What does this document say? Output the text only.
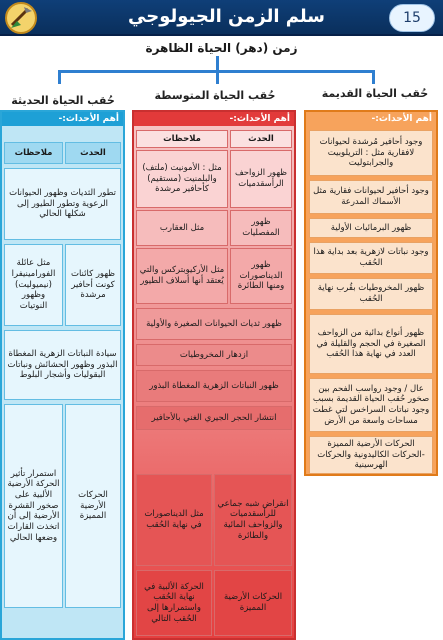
سلم الزمن الجيولوجي	15
زمن (دهر) الحياة الظاهرة
حُقب الحياة القديمة
حُقب الحياة المتوسطة
حُقب الحياة الحديثة
أهم الأحداث:-
وجود أحافير مُرشدة لحيوانات لافقارية مثل : التريلوبيت والجرابتوليت
وجود أحافير لحيوانات فقارية مثل الأسماك المدرعة
ظهور البرمائيات الأولية
وجود نباتات لازهرية بعد بداية هذا الحُقب
ظهور المخروطيات بقُرب نهاية الحُقب
ظهور أنواع بدائية من الزواحف الصغيرة في الحجم والقليلة في العدد في نهاية هذا الحُقب
عال / وجود رواسب الفحم بين صخور حُقب الحياة القديمة بسبب وجود نباتات السراخس لتي غطت مساحات واسعة من الأرض
الحركات الأرضية المميزة -الحركات الكاليدونية والحركات الهرسينية
أهم الأحداث:-
الحدث
ملاحظات
ظهور الزواحف الرأسقدميات
مثل : الأمونيت (ملتف) والبلمنيت (مستقيم) كأحافير مرشدة
ظهور المفصليات
مثل العقارب
ظهور الديناصورات ومنها الطائرة
مثل الأركيوبتركس والتي يُعتقد أنها أسلاف الطيور
ظهور ثديات الحيوانات الصغيرة والأولية
ازدهار المخروطيات
ظهور النباتات الزهرية المغطاة البذور
انتشار الحجر الجيري الغني بالأحافير
انقراض شبه جماعي للرأسقدميات والزواحف المائية والطائرة
مثل الديناصورات في نهاية الحُقب
الحركات الأرضية المميزة
الحركة الألبية في نهاية الحُقب واستمرارها إلى الحُقب التالي
أهم الأحداث:-
الحدث
ملاحظات
تطور الثديات وظهور الحيوانات الرعوية وتطور الطيور إلى شكلها الحالي
ظهور كائنات كونت أحافير مرشدة
مثل عائلة الفورامينيفرا (نيميوليت) وظهور النوتيات
سيادة النباتات الزهرية المغطاة البذور وظهور الحشائش ونباتات البقوليات وأشجار البلوط
الحركات الأرضية المميزة
استمرار تأثير الحركة الأرضية الألبية على صخور القشرة الأرضية إلى أن اتخذت القارات وضعها الحالي
